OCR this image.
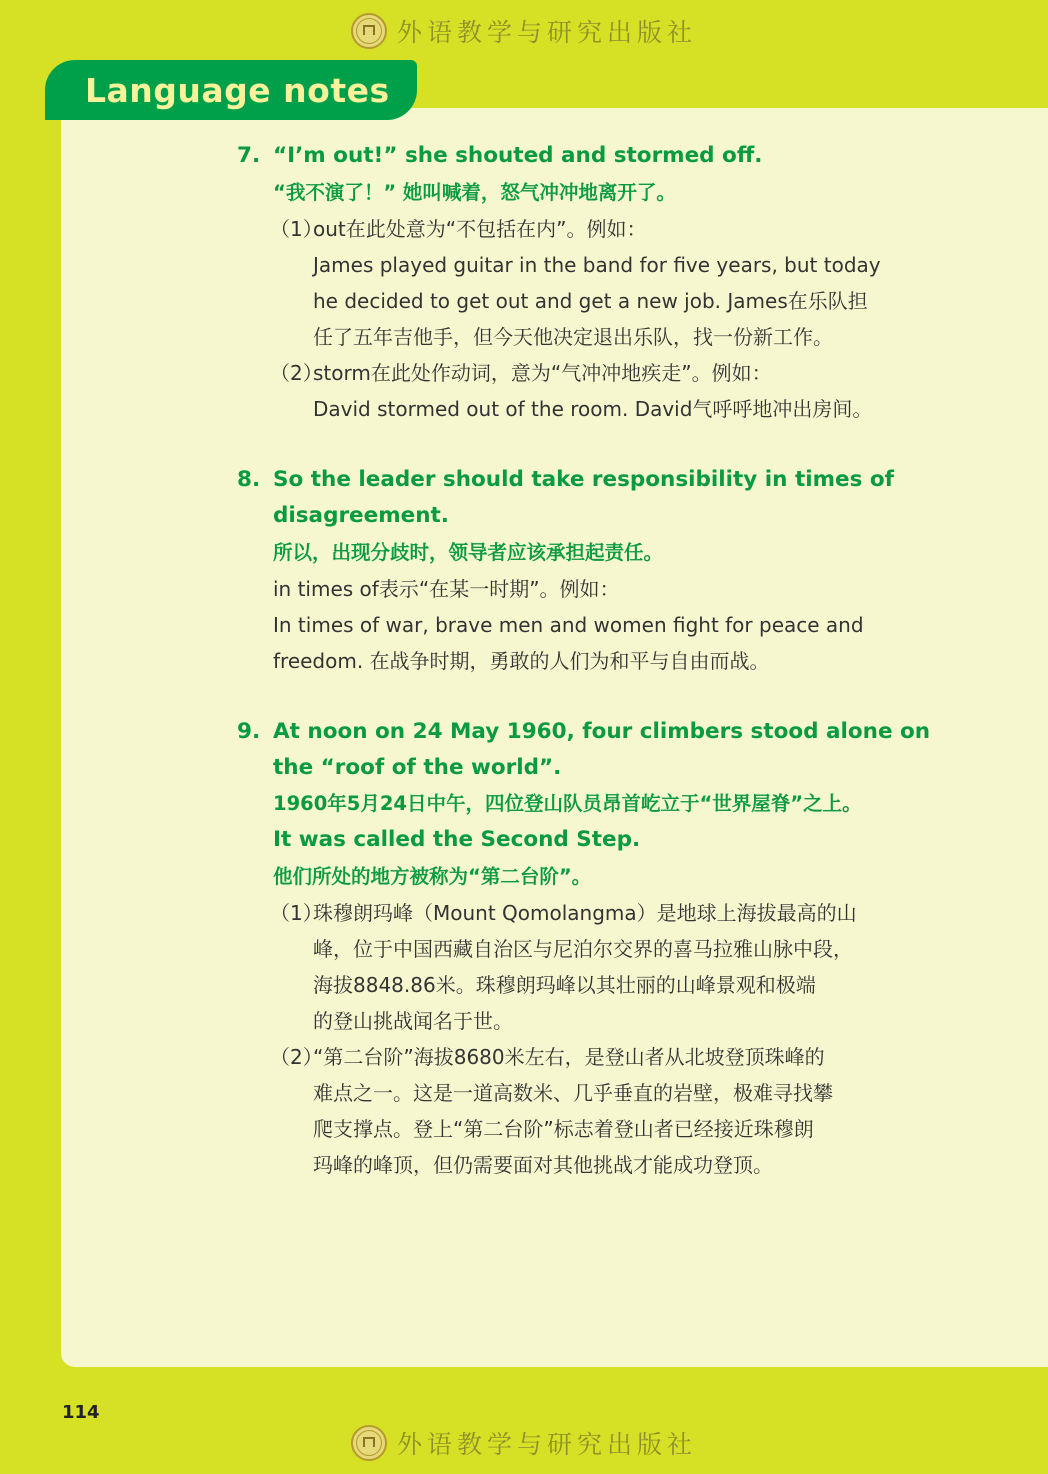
外语教学与研究出版社
Language notes
7. “I’m out!” she shouted and stormed off.
“我不演了！” 她叫喊着，怒气冲冲地离开了。
（1）
out在此处意为“不包括在内”。例如：
James played guitar in the band for five years, but today
he decided to get out and get a new job. James在乐队担
任了五年吉他手，但今天他决定退出乐队，找一份新工作。
（2）
storm在此处作动词，意为“气冲冲地疾走”。例如：
David stormed out of the room. David气呼呼地冲出房间。
8. So the leader should take responsibility in times of
disagreement.
所以，出现分歧时，领导者应该承担起责任。
in times of表示“在某一时期”。例如：
In times of war, brave men and women fight for peace and
freedom. 在战争时期，勇敢的人们为和平与自由而战。
9. At noon on 24 May 1960, four climbers stood alone on
the “roof of the world”.
1960年5月24日中午，四位登山队员昂首屹立于“世界屋脊”之上。
It was called the Second Step.
他们所处的地方被称为“第二台阶”。
（1）
珠穆朗玛峰（Mount Qomolangma）是地球上海拔最高的山
峰，位于中国西藏自治区与尼泊尔交界的喜马拉雅山脉中段，
海拔8848.86米。珠穆朗玛峰以其壮丽的山峰景观和极端
的登山挑战闻名于世。
（2）
“第二台阶”海拔8680米左右，是登山者从北坡登顶珠峰的
难点之一。这是一道高数米、几乎垂直的岩壁，极难寻找攀
爬支撑点。登上“第二台阶”标志着登山者已经接近珠穆朗
玛峰的峰顶，但仍需要面对其他挑战才能成功登顶。
114
外语教学与研究出版社
